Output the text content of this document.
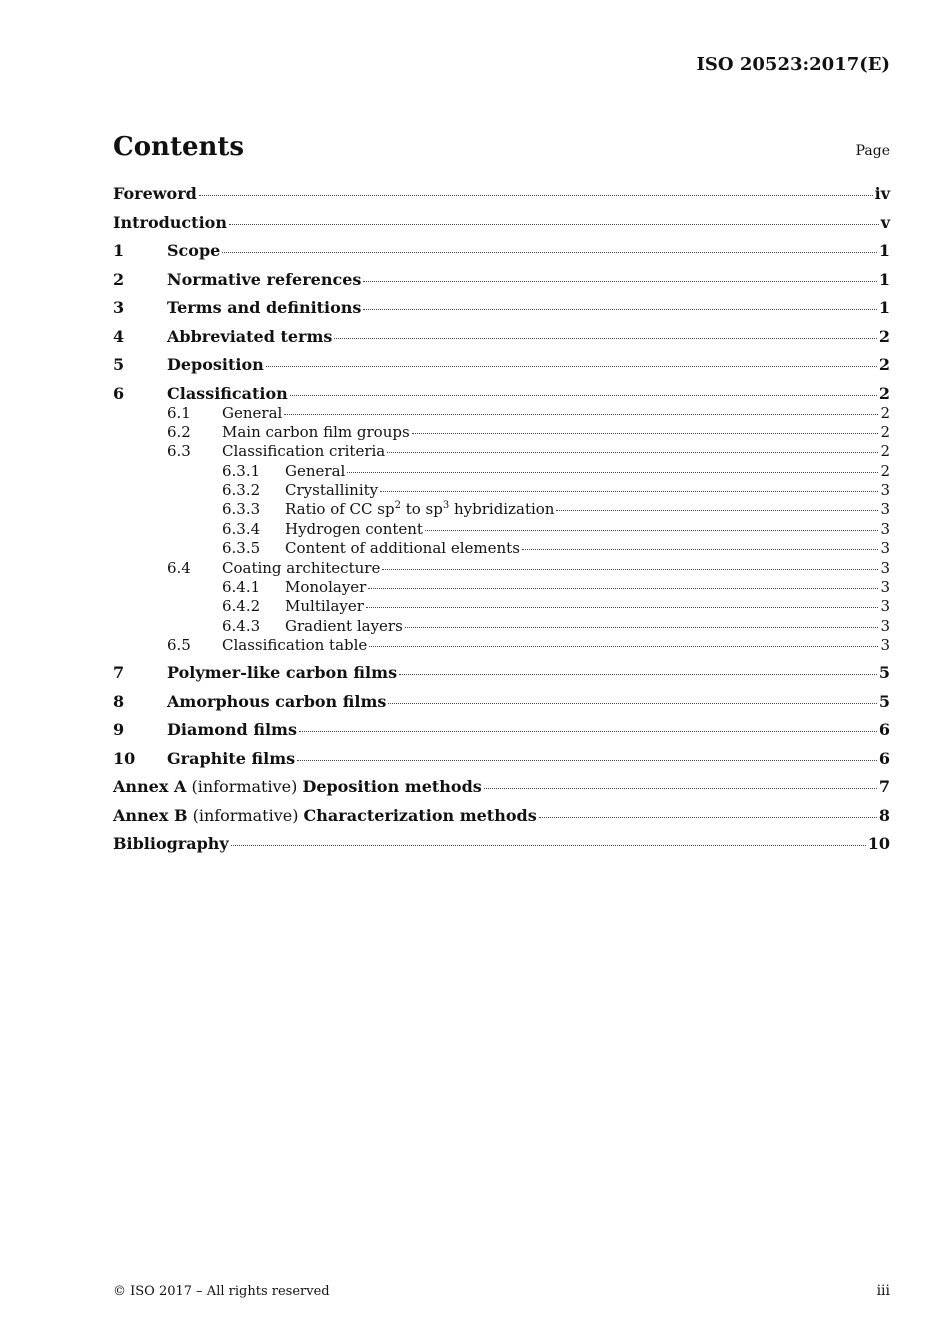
ISO 20523:2017(E)
Contents	Page
Foreword	iv
Introduction	v
1	Scope	1
2	Normative references	1
3	Terms and definitions	1
4	Abbreviated terms	2
5	Deposition	2
6	Classification	2
6.1	General	2
6.2	Main carbon film groups	2
6.3	Classification criteria	2
6.3.1	General	2
6.3.2	Crystallinity	3
6.3.3	Ratio of CC $sp^2$ to $sp^3$ hybridization	3
6.3.4	Hydrogen content	3
6.3.5	Content of additional elements	3
6.4	Coating architecture	3
6.4.1	Monolayer	3
6.4.2	Multilayer	3
6.4.3	Gradient layers	3
6.5	Classification table	3
7	Polymer-like carbon films	5
8	Amorphous carbon films	5
9	Diamond films	6
10	Graphite films	6
Annex A (informative) Deposition methods	7
Annex B (informative) Characterization methods	8
Bibliography	10
© ISO 2017 – All rights reserved	iii
